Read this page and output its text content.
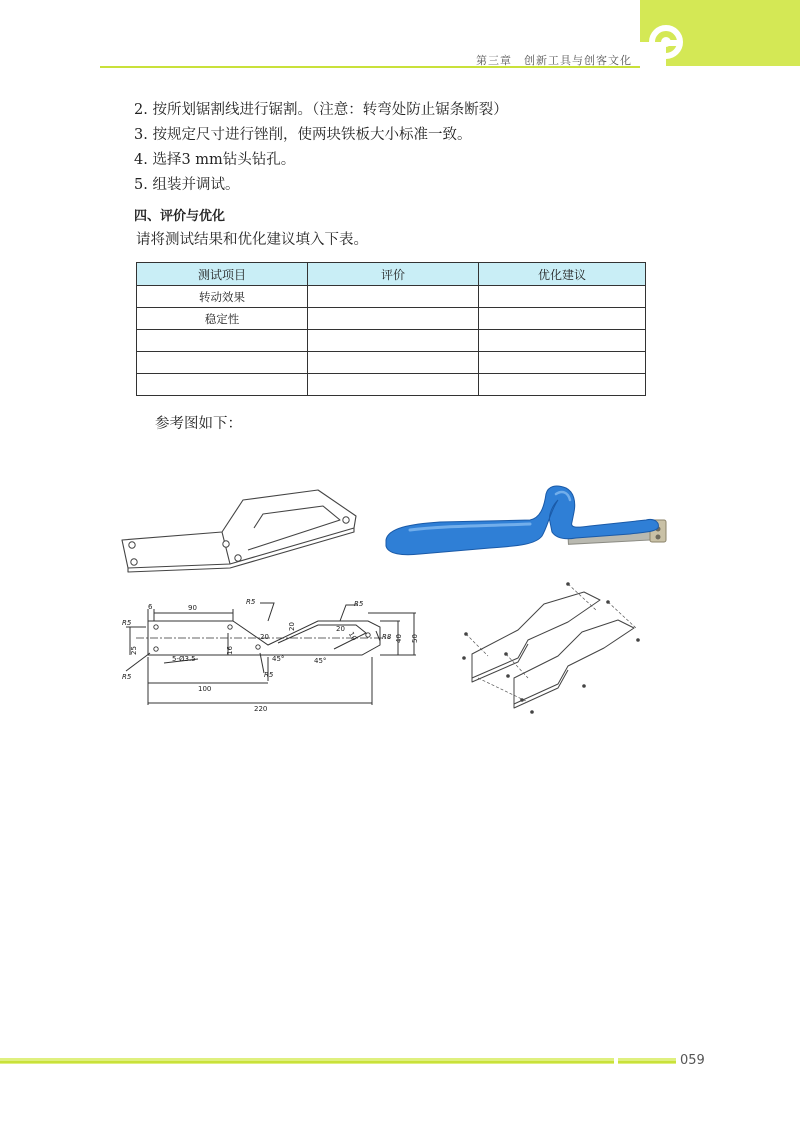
第三章　创新工具与创客文化
2. 按所划锯割线进行锯割。（注意：转弯处防止锯条断裂）
3. 按规定尺寸进行锉削，使两块铁板大小标准一致。
4. 选择3 mm钻头钻孔。
5. 组装并调试。
四、评价与优化
请将测试结果和优化建议填入下表。
测试项目	评价	优化建议
转动效果		
稳定性		

参考图如下：
6	90
100
220
40 50
25	16
20
20
20
10
R5	R5
R5
R5	R5
R8
5-Ø3.5	45°	45°
059
